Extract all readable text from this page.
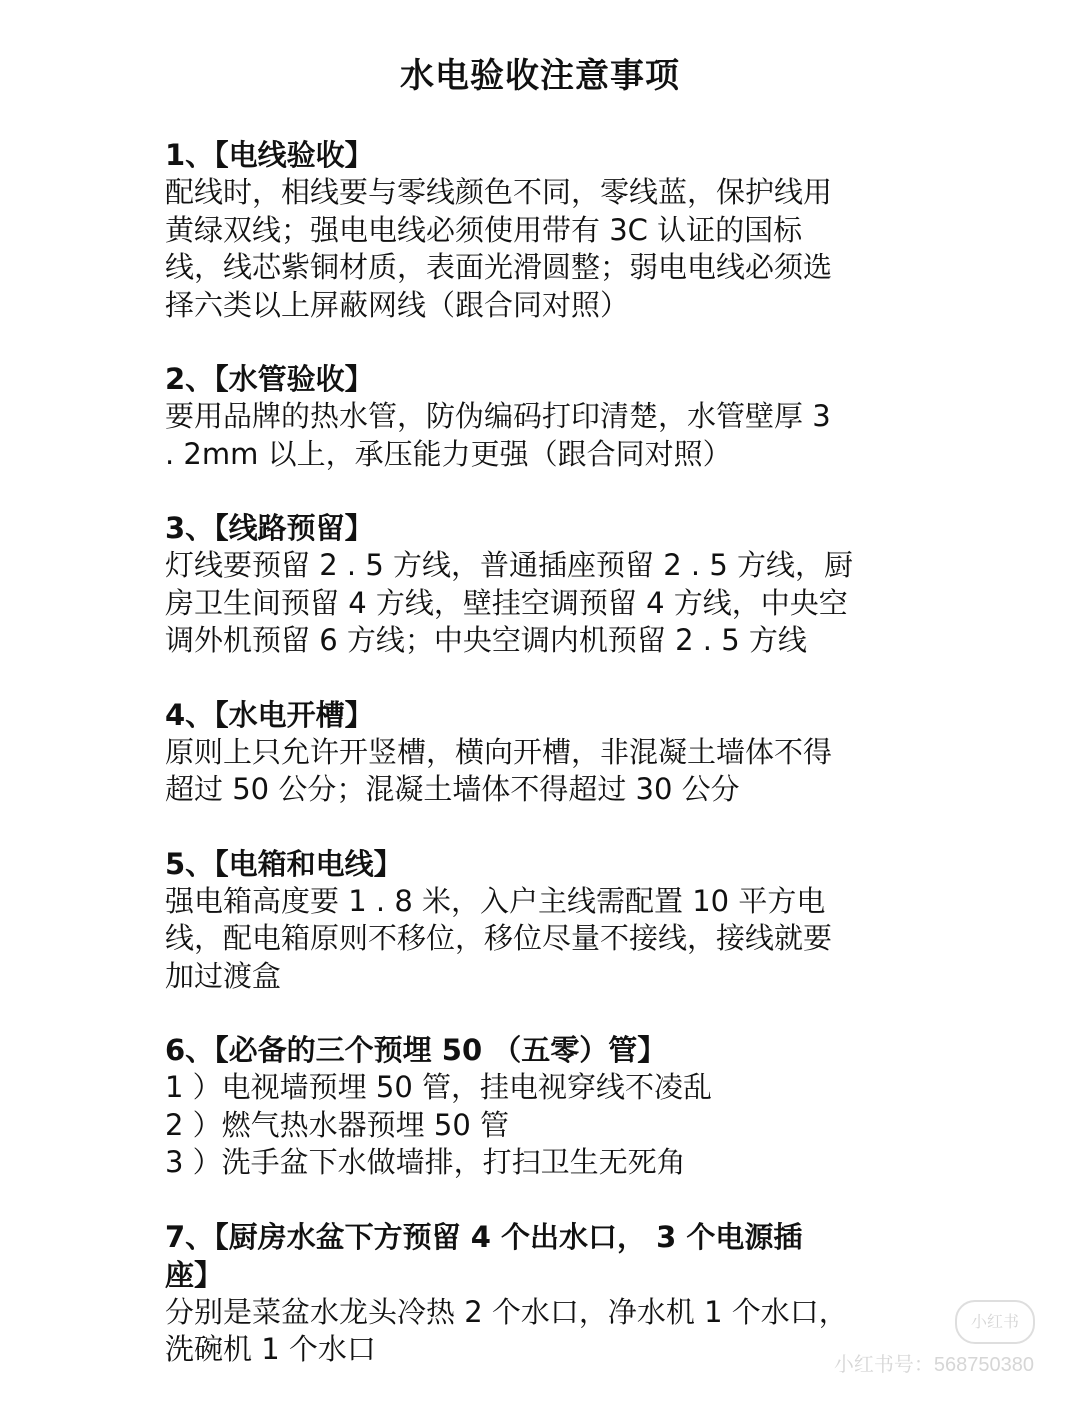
水电验收注意事项
1、【电线验收】
配线时，相线要与零线颜色不同，零线蓝，保护线用
黄绿双线；强电电线必须使用带有 3C 认证的国标
线，线芯紫铜材质，表面光滑圆整；弱电电线必须选
择六类以上屏蔽网线（跟合同对照）
2、【水管验收】
要用品牌的热水管，防伪编码打印清楚，水管壁厚 3
. 2mm 以上，承压能力更强（跟合同对照）
3、【线路预留】
灯线要预留 2 . 5 方线，普通插座预留 2 . 5 方线，厨
房卫生间预留 4 方线，壁挂空调预留 4 方线，中央空
调外机预留 6 方线；中央空调内机预留 2 . 5 方线
4、【水电开槽】
原则上只允许开竖槽，横向开槽，非混凝土墙体不得
超过 50 公分；混凝土墙体不得超过 30 公分
5、【电箱和电线】
强电箱高度要 1 . 8 米，入户主线需配置 10 平方电
线，配电箱原则不移位，移位尽量不接线，接线就要
加过渡盒
6、【必备的三个预埋 50 （五零）管】
1 ）电视墙预埋 50 管，挂电视穿线不凌乱
2 ）燃气热水器预埋 50 管
3 ）洗手盆下水做墙排，打扫卫生无死角
7、【厨房水盆下方预留 4 个出水口， 3 个电源插
座】
分别是菜盆水龙头冷热 2 个水口，净水机 1 个水口，
洗碗机 1 个水口
小红书
小红书号：568750380
